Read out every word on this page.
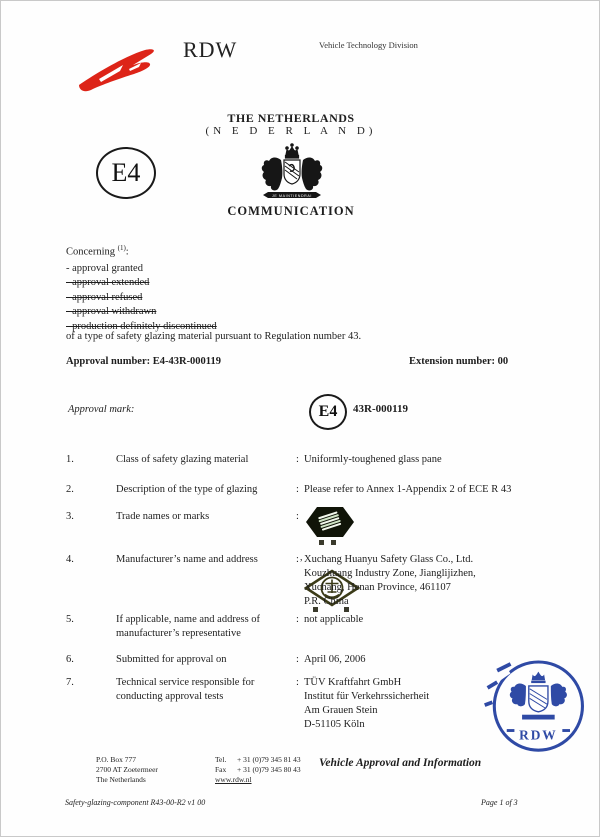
RDW	Vehicle Technology Division
THE NETHERLANDS
(N E D E R L A N D)
E4
JE MAINTIENDRAI
COMMUNICATION
Concerning $^{(1)}$:
- approval granted
- approval extended
- approval refused
- approval withdrawn
- production definitely discontinued
of a type of safety glazing material pursuant to Regulation number 43.
Approval number: E4-43R-000119	Extension number: 00
Approval mark:	E4 43R-000119
1.	Class of safety glazing material	: Uniformly-toughened glass pane
2.	Description of the type of glazing	: Please refer to Annex 1-Appendix 2 of ECE R 43
3.	Trade names or marks	:
,
4.	Manufacturer’s name and address	: Xuchang Huanyu Safety Glass Co., Ltd.
Kouzhuang Industry Zone, Jianglijizhen,
Xuchang, Henan Province, 461107
P.R. China
5.	If applicable, name and address of
manufacturer’s representative
: not applicable
6.	Submitted for approval on	: April 06, 2006
7.	Technical service responsible for
conducting approval tests
: TÜV Kraftfahrt GmbH
Institut für Verkehrssicherheit
Am Grauen Stein
D-51105 Köln
RDW
P.O. Box 777
2700 AT Zoetermeer
The Netherlands
Tel. + 31 (0)79 345 81 43
Fax + 31 (0)79 345 80 43
www.rdw.nl
Vehicle Approval and Information
Safety-glazing-component R43-00-R2 v1 00	Page 1 of 3
